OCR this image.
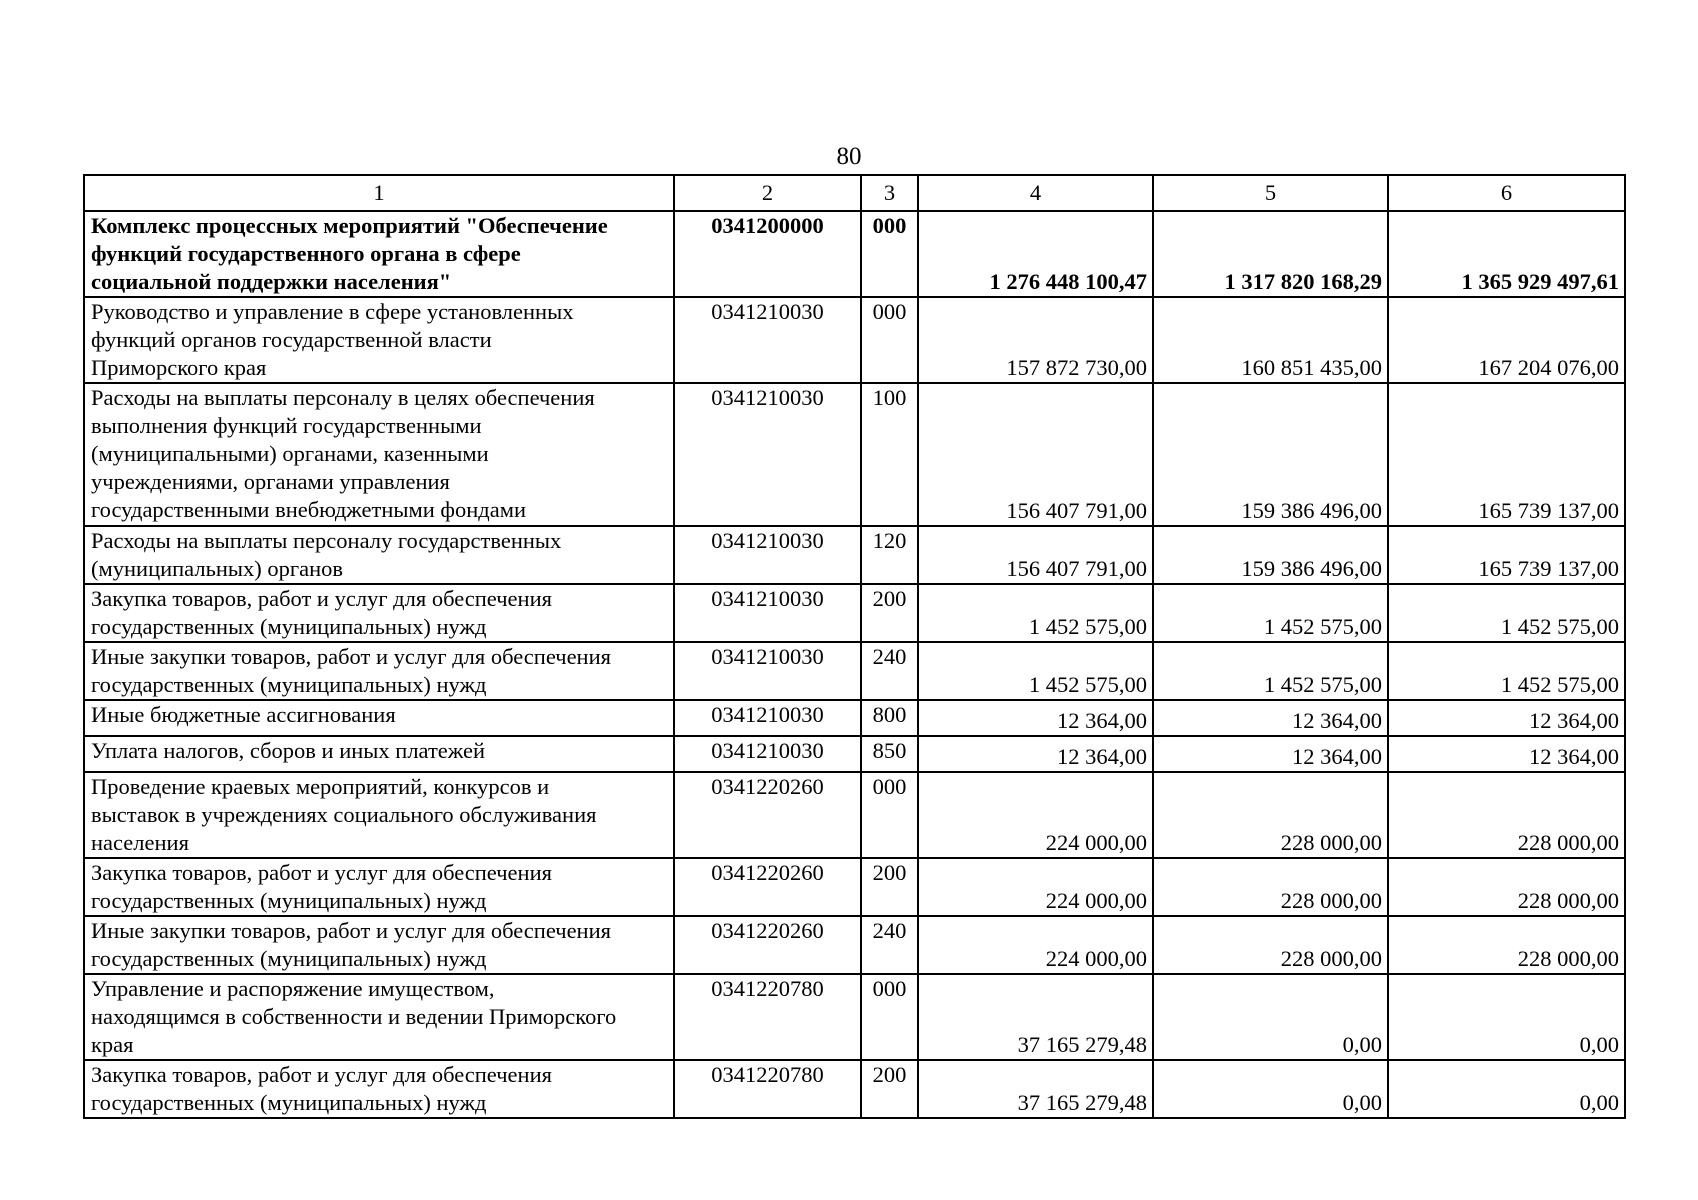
80
1	2	3	4	5	6
Комплекс процессных мероприятий "Обеспечение
функций государственного органа в сфере
социальной поддержки населения"	0341200000	000	1 276 448 100,47	1 317 820 168,29	1 365 929 497,61
Руководство и управление в сфере установленных
функций органов государственной власти
Приморского края	0341210030	000	157 872 730,00	160 851 435,00	167 204 076,00
Расходы на выплаты персоналу в целях обеспечения
выполнения функций государственными
(муниципальными) органами, казенными
учреждениями, органами управления
государственными внебюджетными фондами	0341210030	100	156 407 791,00	159 386 496,00	165 739 137,00
Расходы на выплаты персоналу государственных
(муниципальных) органов	0341210030	120	156 407 791,00	159 386 496,00	165 739 137,00
Закупка товаров, работ и услуг для обеспечения
государственных (муниципальных) нужд	0341210030	200	1 452 575,00	1 452 575,00	1 452 575,00
Иные закупки товаров, работ и услуг для обеспечения
государственных (муниципальных) нужд	0341210030	240	1 452 575,00	1 452 575,00	1 452 575,00
Иные бюджетные ассигнования	0341210030	800	12 364,00	12 364,00	12 364,00
Уплата налогов, сборов и иных платежей	0341210030	850	12 364,00	12 364,00	12 364,00
Проведение краевых мероприятий, конкурсов и
выставок в учреждениях социального обслуживания
населения	0341220260	000	224 000,00	228 000,00	228 000,00
Закупка товаров, работ и услуг для обеспечения
государственных (муниципальных) нужд	0341220260	200	224 000,00	228 000,00	228 000,00
Иные закупки товаров, работ и услуг для обеспечения
государственных (муниципальных) нужд	0341220260	240	224 000,00	228 000,00	228 000,00
Управление и распоряжение имуществом,
находящимся в собственности и ведении Приморского
края	0341220780	000	37 165 279,48	0,00	0,00
Закупка товаров, работ и услуг для обеспечения
государственных (муниципальных) нужд	0341220780	200	37 165 279,48	0,00	0,00
